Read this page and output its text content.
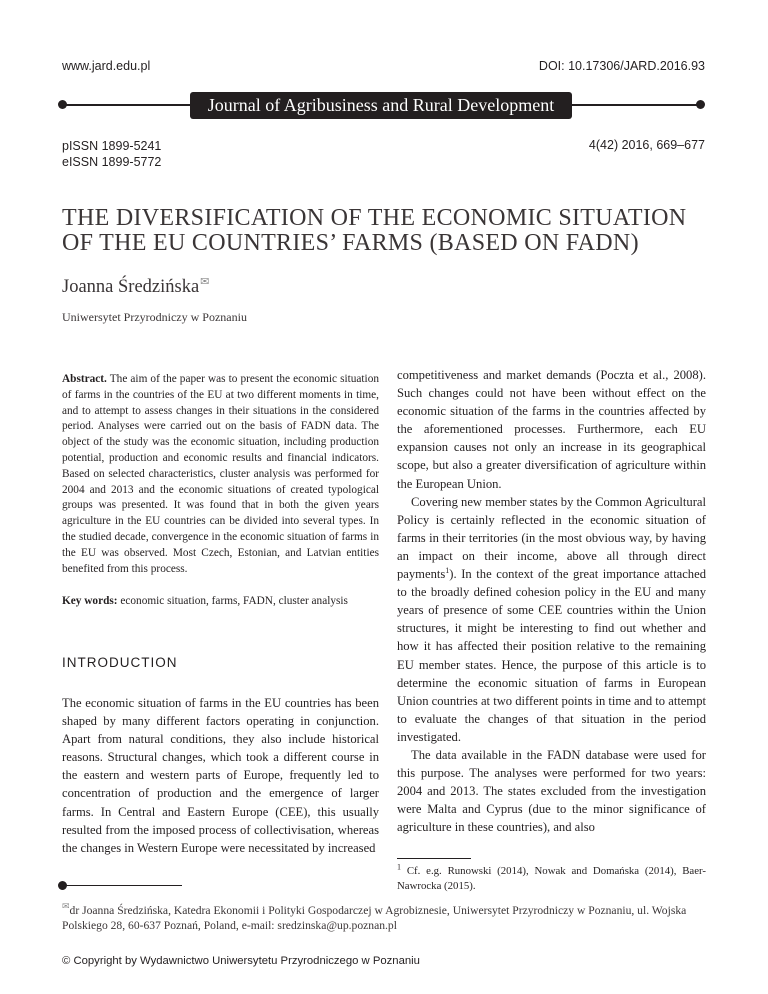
www.jard.edu.pl	DOI: 10.17306/JARD.2016.93
Journal of Agribusiness and Rural Development
pISSN 1899-5241
eISSN 1899-5772
4(42) 2016, 669–677
THE DIVERSIFICATION OF THE ECONOMIC SITUATION
OF THE EU COUNTRIES’ FARMS (BASED ON FADN)
Joanna Średzińska✉
Uniwersytet Przyrodniczy w Poznaniu
Abstract. The aim of the paper was to present the economic situation of farms in the countries of the EU at two different moments in time, and to attempt to assess changes in their situations in the considered period. Analyses were carried out on the basis of FADN data. The object of the study was the economic situation, including production potential, production and economic results and financial indicators. Based on selected characteristics, cluster analysis was performed for 2004 and 2013 and the economic situations of created typological groups was presented. It was found that in both the given years agriculture in the EU countries can be divided into several types. In the studied decade, convergence in the economic situation of farms in the EU was observed. Most Czech, Estonian, and Latvian entities benefited from this process.
Key words: economic situation, farms, FADN, cluster analysis
INTRODUCTION

The economic situation of farms in the EU countries has been shaped by many different factors operating in conjunction. Apart from natural conditions, they also include historical reasons. Structural changes, which took a different course in the eastern and western parts of Europe, frequently led to concentration of production and the emergence of larger farms. In Central and Eastern Europe (CEE), this usually resulted from the imposed process of collectivisation, whereas the changes in Western Europe were necessitated by increased

competitiveness and market demands (Poczta et al., 2008). Such changes could not have been without effect on the economic situation of the farms in the countries affected by the aforementioned processes. Furthermore, each EU expansion causes not only an increase in its geographical scope, but also a greater diversification of agriculture within the European Union.

Covering new member states by the Common Agricultural Policy is certainly reflected in the economic situation of farms in their territories (in the most obvious way, by having an impact on their income, above all through direct payments$^1$). In the context of the great importance attached to the broadly defined cohesion policy in the EU and many years of presence of some CEE countries within the Union structures, it might be interesting to find out whether and how it has affected their position relative to the remaining EU member states. Hence, the purpose of this article is to determine the economic situation of farms in European Union countries at two different points in time and to attempt to evaluate the changes of that situation in the period investigated.

The data available in the FADN database were used for this purpose. The analyses were performed for two years: 2004 and 2013. The states excluded from the investigation were Malta and Cyprus (due to the minor significance of agriculture in these countries), and also

$^1$ Cf. e.g. Runowski (2014), Nowak and Domańska (2014), Baer-Nawrocka (2015).
✉dr Joanna Średzińska, Katedra Ekonomii i Polityki Gospodarczej w Agrobiznesie, Uniwersytet Przyrodniczy w Poznaniu, ul. Wojska Polskiego 28, 60-637 Poznań, Poland, e-mail: sredzinska@up.poznan.pl
© Copyright by Wydawnictwo Uniwersytetu Przyrodniczego w Poznaniu
